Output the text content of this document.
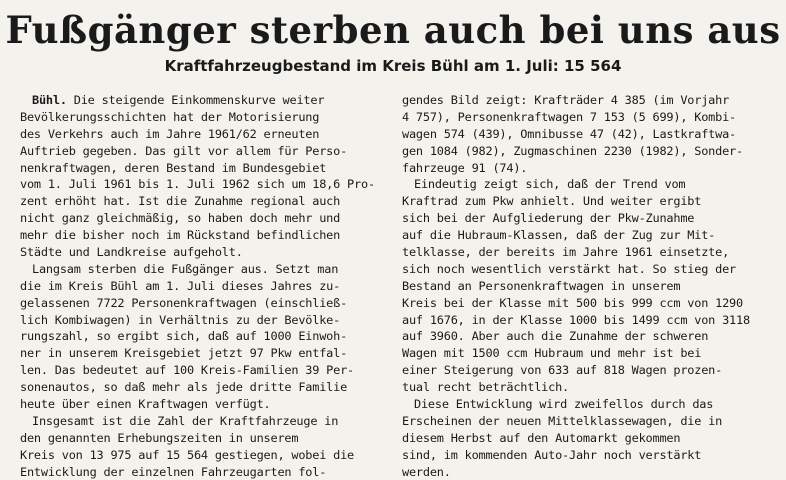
Fußgänger sterben auch bei uns aus
Kraftfahrzeugbestand im Kreis Bühl am 1. Juli: 15 564
Bühl. Die steigende Einkommenskurve weiter
Bevölkerungsschichten hat der Motorisierung
des Verkehrs auch im Jahre 1961/62 erneuten
Auftrieb gegeben. Das gilt vor allem für Perso-
nenkraftwagen, deren Bestand im Bundesgebiet
vom 1. Juli 1961 bis 1. Juli 1962 sich um 18,6 Pro-
zent erhöht hat. Ist die Zunahme regional auch
nicht ganz gleichmäßig, so haben doch mehr und
mehr die bisher noch im Rückstand befindlichen
Städte und Landkreise aufgeholt.
Langsam sterben die Fußgänger aus. Setzt man
die im Kreis Bühl am 1. Juli dieses Jahres zu-
gelassenen 7722 Personenkraftwagen (einschließ-
lich Kombiwagen) in Verhältnis zu der Bevölke-
rungszahl, so ergibt sich, daß auf 1000 Einwoh-
ner in unserem Kreisgebiet jetzt 97 Pkw entfal-
len. Das bedeutet auf 100 Kreis-Familien 39 Per-
sonenautos, so daß mehr als jede dritte Familie
heute über einen Kraftwagen verfügt.
Insgesamt ist die Zahl der Kraftfahrzeuge in
den genannten Erhebungszeiten in unserem
Kreis von 13 975 auf 15 564 gestiegen, wobei die
Entwicklung der einzelnen Fahrzeugarten fol-
gendes Bild zeigt: Krafträder 4 385 (im Vorjahr
4 757), Personenkraftwagen 7 153 (5 699), Kombi-
wagen 574 (439), Omnibusse 47 (42), Lastkraftwa-
gen 1084 (982), Zugmaschinen 2230 (1982), Sonder-
fahrzeuge 91 (74).
Eindeutig zeigt sich, daß der Trend vom
Kraftrad zum Pkw anhielt. Und weiter ergibt
sich bei der Aufgliederung der Pkw-Zunahme
auf die Hubraum-Klassen, daß der Zug zur Mit-
telklasse, der bereits im Jahre 1961 einsetzte,
sich noch wesentlich verstärkt hat. So stieg der
Bestand an Personenkraftwagen in unserem
Kreis bei der Klasse mit 500 bis 999 ccm von 1290
auf 1676, in der Klasse 1000 bis 1499 ccm von 3118
auf 3960. Aber auch die Zunahme der schweren
Wagen mit 1500 ccm Hubraum und mehr ist bei
einer Steigerung von 633 auf 818 Wagen prozen-
tual recht beträchtlich.
Diese Entwicklung wird zweifellos durch das
Erscheinen der neuen Mittelklassewagen, die in
diesem Herbst auf den Automarkt gekommen
sind, im kommenden Auto-Jahr noch verstärkt
werden.
